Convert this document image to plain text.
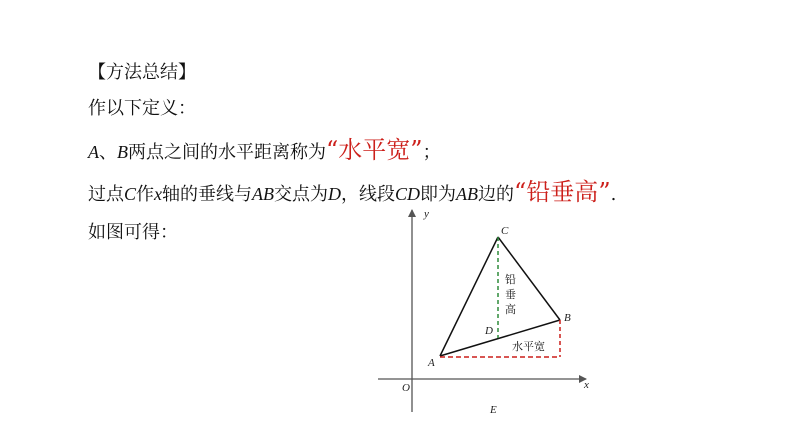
【方法总结】
作以下定义：
A、B两点之间的水平距离称为“水平宽”；
过点C作x轴的垂线与AB交点为D，线段CD即为AB边的“铅垂高”.
如图可得：
y
x
O
E
C
B
A
D
铅
垂
高
水平宽
